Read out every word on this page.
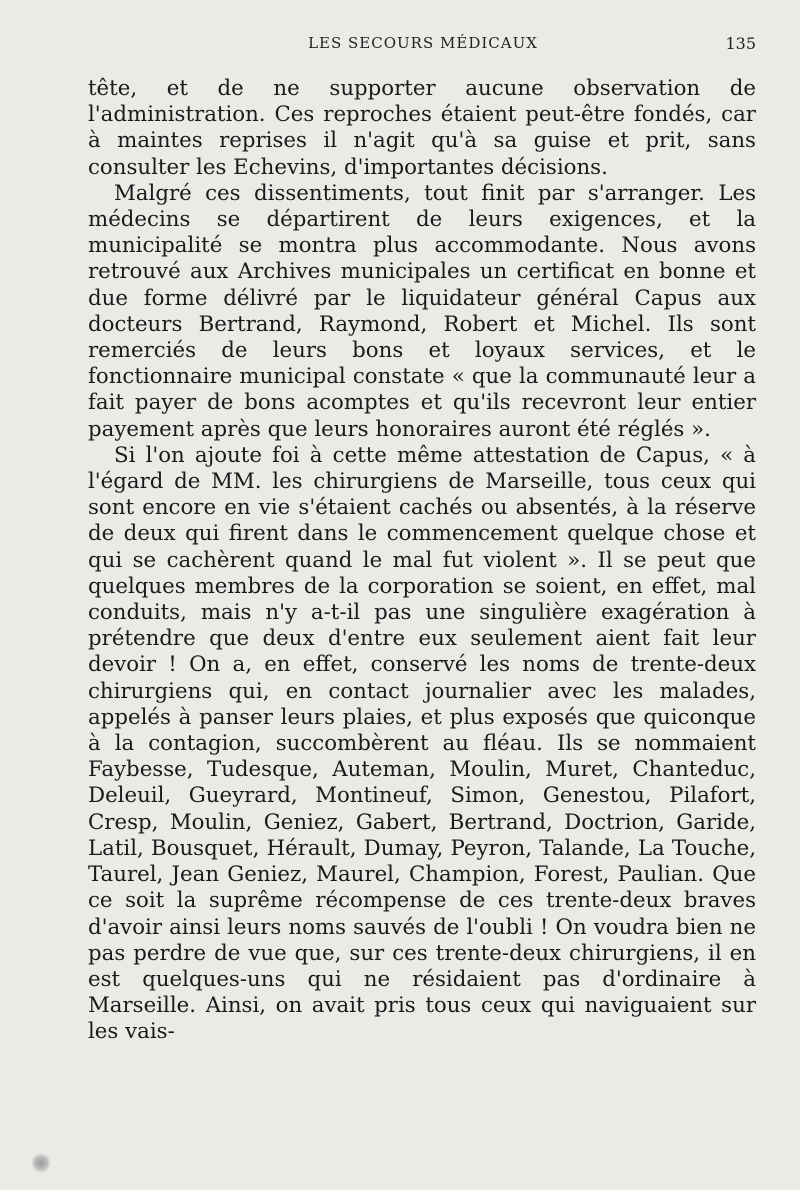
LES SECOURS MÉDICAUX	135

tête, et de ne supporter aucune observation de l'administration. Ces reproches étaient peut-être fondés, car à maintes reprises il n'agit qu'à sa guise et prit, sans consulter les Echevins, d'importantes décisions.

Malgré ces dissentiments, tout finit par s'arranger. Les médecins se départirent de leurs exigences, et la municipalité se montra plus accommodante. Nous avons retrouvé aux Archives municipales un certificat en bonne et due forme délivré par le liquidateur général Capus aux docteurs Bertrand, Raymond, Robert et Michel. Ils sont remerciés de leurs bons et loyaux services, et le fonctionnaire municipal constate « que la communauté leur a fait payer de bons acomptes et qu'ils recevront leur entier payement après que leurs honoraires auront été réglés ».

Si l'on ajoute foi à cette même attestation de Capus, « à l'égard de MM. les chirurgiens de Marseille, tous ceux qui sont encore en vie s'étaient cachés ou absentés, à la réserve de deux qui firent dans le commencement quelque chose et qui se cachèrent quand le mal fut violent ». Il se peut que quelques membres de la corporation se soient, en effet, mal conduits, mais n'y a-t-il pas une singulière exagération à prétendre que deux d'entre eux seulement aient fait leur devoir ! On a, en effet, conservé les noms de trente-deux chirurgiens qui, en contact journalier avec les malades, appelés à panser leurs plaies, et plus exposés que quiconque à la contagion, succombèrent au fléau. Ils se nommaient Faybesse, Tudesque, Auteman, Moulin, Muret, Chanteduc, Deleuil, Gueyrard, Montineuf, Simon, Genestou, Pilafort, Cresp, Moulin, Geniez, Gabert, Bertrand, Doctrion, Garide, Latil, Bousquet, Hérault, Dumay, Peyron, Talande, La Touche, Taurel, Jean Geniez, Maurel, Champion, Forest, Paulian. Que ce soit la suprême récompense de ces trente-deux braves d'avoir ainsi leurs noms sauvés de l'oubli ! On voudra bien ne pas perdre de vue que, sur ces trente-deux chirurgiens, il en est quelques-uns qui ne résidaient pas d'ordinaire à Marseille. Ainsi, on avait pris tous ceux qui naviguaient sur les vais-
